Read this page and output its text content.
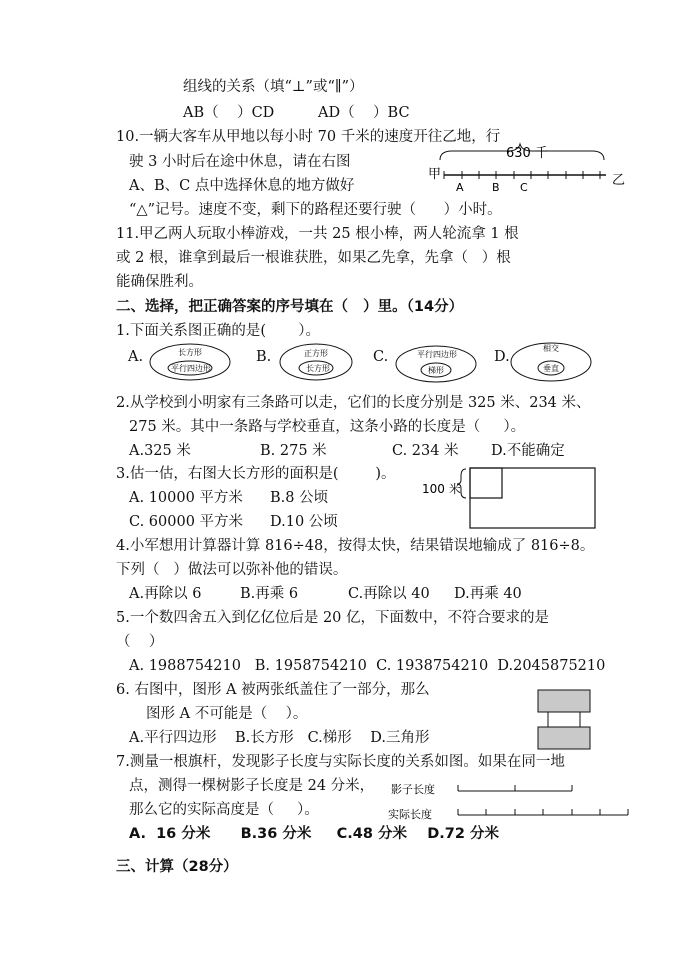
组线的关系（填“⊥”或“∥”）
AB（    ）CD	AD（    ）BC
10.一辆大客车从甲地以每小时 70 千米的速度开往乙地，行
驶 3 小时后在途中休息，请在右图
A、B、C 点中选择休息的地方做好
“△”记号。速度不变，剩下的路程还要行驶（      ）小时。
630 千
甲	乙
A	B C
11.甲乙两人玩取小棒游戏，一共 25 根小棒，两人轮流拿 1 根
或 2 根，谁拿到最后一根谁获胜，如果乙先拿，先拿（   ）根
能确保胜利。
二、选择，把正确答案的序号填在（   ）里。（14分）
1.下面关系图正确的是(       ）。
A.	B.	C.	D.
长方形
平行四边形
正方形
长方形
平行四边形
梯形
相交
垂直
2.从学校到小明家有三条路可以走，它们的长度分别是 325 米、234 米、
275 米。其中一条路与学校垂直，这条小路的长度是（     ）。
A.325 米	B. 275 米	C. 234 米 D.不能确定
3.估一估，右图大长方形的面积是(        )。
A. 10000 平方米 B.8 公顷
C. 60000 平方米 D.10 公顷
100 米
4.小军想用计算器计算 816÷48，按得太快，结果错误地输成了 816÷8。
下列（   ）做法可以弥补他的错误。
A.再除以 6	B.再乘 6	C.再除以 40 D.再乘 40
5.一个数四舍五入到亿亿位后是 20 亿，下面数中，不符合要求的是
（    ）
A. 1988754210   B. 1958754210  C. 1938754210  D.2045875210
6. 右图中，图形 A 被两张纸盖住了一部分，那么
图形 A 不可能是（    ）。
A.平行四边形    B.长方形   C.梯形    D.三角形
7.测量一根旗杆，发现影子长度与实际长度的关系如图。如果在同一地
点，测得一棵树影子长度是 24 分米，
那么它的实际高度是（     ）。
A.  16 分米      B.36 分米     C.48 分米    D.72 分米
影子长度
实际长度
三、计算（28分）
